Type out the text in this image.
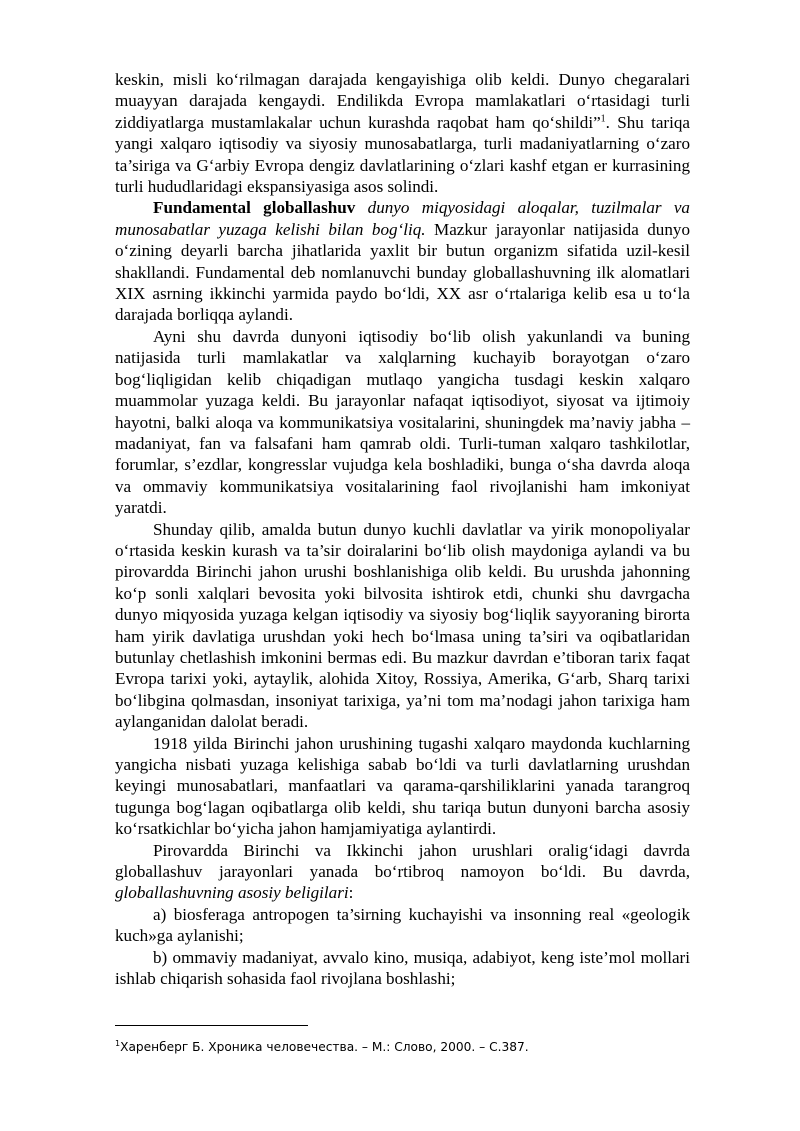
keskin, misli ko‘rilmagan darajada kengayishiga olib keldi. Dunyo chegaralari muayyan darajada kengaydi. Endilikda Evropa mamlakatlari o‘rtasidagi turli ziddiyatlarga mustamlakalar uchun kurashda raqobat ham qo‘shildi”$^1$. Shu tariqa yangi xalqaro iqtisodiy va siyosiy munosabatlarga, turli madaniyatlarning o‘zaro ta’siriga va G‘arbiy Evropa dengiz davlatlarining o‘zlari kashf etgan er kurrasining turli hududlaridagi ekspansiyasiga asos solindi.

Fundamental globallashuv dunyo miqyosidagi aloqalar, tuzilmalar va munosabatlar yuzaga kelishi bilan bog‘liq. Mazkur jarayonlar natijasida dunyo o‘zining deyarli barcha jihatlarida yaxlit bir butun organizm sifatida uzil-kesil shakllandi. Fundamental deb nomlanuvchi bunday globallashuvning ilk alomatlari XIX asrning ikkinchi yarmida paydo bo‘ldi, XX asr o‘rtalariga kelib esa u to‘la darajada borliqqa aylandi.

Ayni shu davrda dunyoni iqtisodiy bo‘lib olish yakunlandi va buning natijasida turli mamlakatlar va xalqlarning kuchayib borayotgan o‘zaro bog‘liqligidan kelib chiqadigan mutlaqo yangicha tusdagi keskin xalqaro muammolar yuzaga keldi. Bu jarayonlar nafaqat iqtisodiyot, siyosat va ijtimoiy hayotni, balki aloqa va kommunikatsiya vositalarini, shuningdek ma’naviy jabha – madaniyat, fan va falsafani ham qamrab oldi. Turli-tuman xalqaro tashkilotlar, forumlar, s’ezdlar, kongresslar vujudga kela boshladiki, bunga o‘sha davrda aloqa va ommaviy kommunikatsiya vositalarining faol rivojlanishi ham imkoniyat yaratdi.

Shunday qilib, amalda butun dunyo kuchli davlatlar va yirik monopoliyalar o‘rtasida keskin kurash va ta’sir doiralarini bo‘lib olish maydoniga aylandi va bu pirovardda Birinchi jahon urushi boshlanishiga olib keldi. Bu urushda jahonning ko‘p sonli xalqlari bevosita yoki bilvosita ishtirok etdi, chunki shu davrgacha dunyo miqyosida yuzaga kelgan iqtisodiy va siyosiy bog‘liqlik sayyoraning birorta ham yirik davlatiga urushdan yoki hech bo‘lmasa uning ta’siri va oqibatlaridan butunlay chetlashish imkonini bermas edi. Bu mazkur davrdan e’tiboran tarix faqat Evropa tarixi yoki, aytaylik, alohida Xitoy, Rossiya, Amerika, G‘arb, Sharq tarixi bo‘libgina qolmasdan, insoniyat tarixiga, ya’ni tom ma’nodagi jahon tarixiga ham aylanganidan dalolat beradi.

1918 yilda Birinchi jahon urushining tugashi xalqaro maydonda kuchlarning yangicha nisbati yuzaga kelishiga sabab bo‘ldi va turli davlatlarning urushdan keyingi munosabatlari, manfaatlari va qarama-qarshiliklarini yanada tarangroq tugunga bog‘lagan oqibatlarga olib keldi, shu tariqa butun dunyoni barcha asosiy ko‘rsatkichlar bo‘yicha jahon hamjamiyatiga aylantirdi.

Pirovardda Birinchi va Ikkinchi jahon urushlari oralig‘idagi davrda globallashuv jarayonlari yanada bo‘rtibroq namoyon bo‘ldi. Bu davrda, globallashuvning asosiy beligilari:

a) biosferaga antropogen ta’sirning kuchayishi va insonning real «geologik kuch»ga aylanishi;

b) ommaviy madaniyat, avvalo kino, musiqa, adabiyot, keng iste’mol mollari ishlab chiqarish sohasida faol rivojlana boshlashi;

$^1$Харенберг Б. Хроника человечества. – М.: Слово, 2000. – С.387.
